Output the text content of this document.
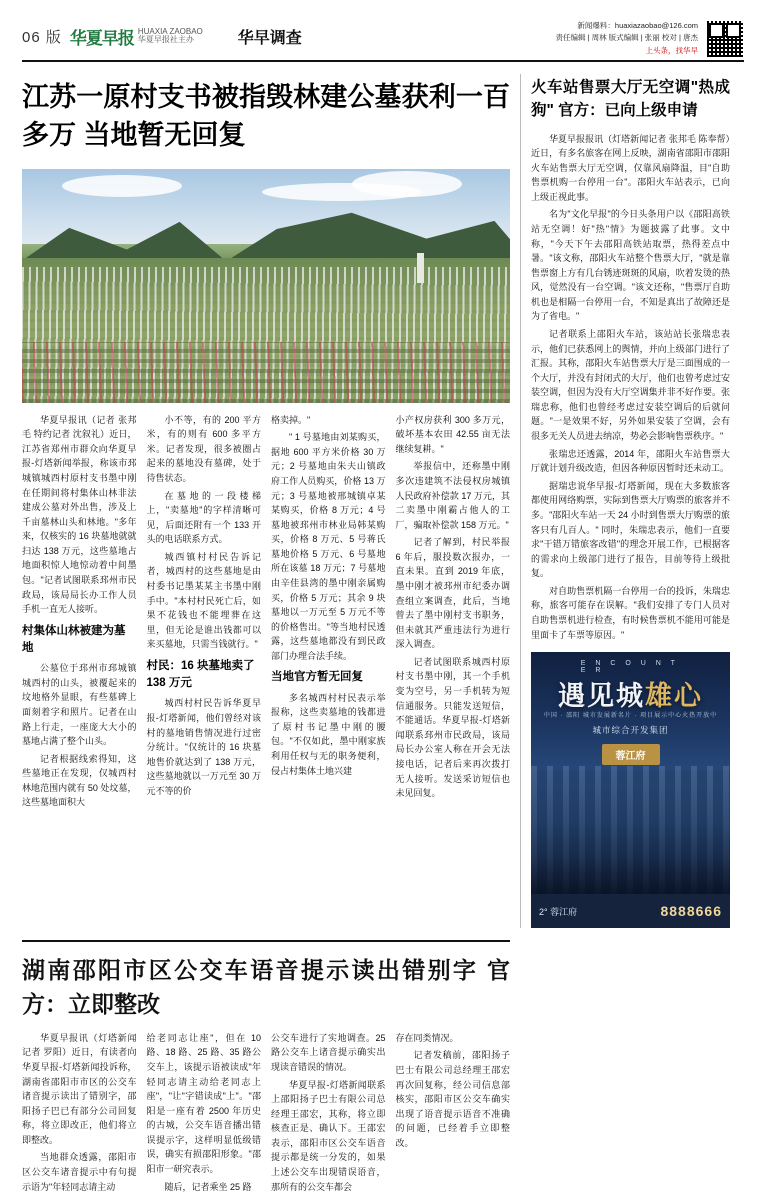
06 版 华夏早报 HUAXIA ZAOBAO
华夏早报社主办	华早调查
新闻爆料：huaxiazaobao@126.com
责任编辑 | 周林 版式编辑 | 张丽 校对 | 唐杰
上头条，找华早
江苏一原村支书被指毁林建公墓获利一百多万 当地暂无回复

华夏早报讯（记者 张邦毛 特约记者 沈叙礼）近日，江苏省郑州市群众向华夏早报-灯塔新闻举报，称该市邳城镇城西村原村支书墨中刚在任期间将村集体山林非法建成公墓对外出售，涉及上千亩墓林山头和林地。"多年来，仅核实的 16 块墓地就就扫达 138 万元，这些墓地占地面积惊人地惊动着中间墨包。"记者试图联系邳州市民政局，该局局长办工作人员手机一直无人接听。

村集体山林被建为墓地

公墓位于邳州市邳城镇城西村的山头，被覆起来的坟地格外显眼，有些墓碑上面刻着字和照片。记者在山路上行走，一座庞大大小的墓地占满了整个山头。

记者根据线索得知，这些墓地正在发现，仅城西村林地范围内就有 50 处坟墓，这些墓地面积大

小不等，有的 200 平方米，有的则有 600 多平方米。记者发现，很多被圈占起来的墓地没有墓碑，处于待售状态。

在墓地的一段楼梯上，"卖墓地"的字样清晰可见，后面还附有一个 133 开头的电话联系方式。

城西镇村村民告诉记者，城西村的这些墓地是由村委书记墨某某主书墨中刚手中。"本村村民死亡后，如果不花钱也不能埋葬在这里，但无论是谁出钱都可以来买墓地，只需当钱就行。"

村民：16 块墓地卖了 138 万元

城西村村民告诉华夏早报-灯塔新闻，他们曾经对该村的墓地销售情况进行过密分统计。"仅统计的 16 块墓地售价就达到了 138 万元，这些墓地就以一万元至 30 万元不等的价

格卖掉。"

" 1 号墓地由刘某购买，据地 600 平方米价格 30 万元；2 号墓地由朱夫山镇政府工作人员购买，价格 13 万元；3 号墓地被邢城镇卓某某购买，价格 8 万元；4 号墓地被邳州市林业局韩某购买，价格 8 万元、5 号蒋氏墓地价格 5 万元、6 号墓地所在该墓 18 万元；7 号墓地由辛佳县湾的墨中刚亲属购买，价格 5 万元；其余 9 块墓地以一万元至 5 万元不等的价格售出。"等当地村民透露，这些墓地都没有到民政部门办理合法手续。

当地官方暂无回复

多名城西村村民表示举报称，这些卖墓地的钱都进了原村书记墨中刚的腰包。"不仅如此，墨中刚家族利用任权与无的职务便利，侵占村集体土地兴建

小产权房获利 300 多万元，破坏基本农田 42.55 亩无法继续复耕。"

举报信中，还称墨中刚多次违建筑不法侵权房城镇人民政府补偿款 17 万元，其二卖墨中刚霸占他人的工厂，骗取补偿款 158 万元。"

记者了解到，村民举报 6 年后，服投数次报办，一直未果。直到 2019 年底，墨中刚才被邳州市纪委办调查组立案调查，此后，当地曾去了墨中刚村支书职务，但未就其严重违法行为进行深入调查。

记者试图联系城西村原村支书墨中刚，其一个手机变为空号，另一手机转为短信通服务。只能发送短信，不能通话。华夏早报-灯塔新闻联系邳州市民政局，该局局长办公室人称在开会无法接电话，记者后来再次拨打无人接听。发送采访短信也未见回复。

火车站售票大厅无空调"热成狗" 官方：已向上级申请

华夏早报报讯（灯塔新闻记者 张邦毛 陈奉帮）近日，有多名旅客在网上反映，湖南省邵阳市邵阳火车站售票大厅无空调，仅靠风扇降温，目"自助售票机购一台停用一台"。邵阳火车站表示，已向上级正视此事。

名为"文化早报"的今日头条用户以《邵阳高铁站无空调！好"热"情》为题披露了此事。文中称，"今天下午去邵阳高铁站取票，热得差点中暑。"该文称，邵阳火车站整个售票大厅，"就是靠售票窗上方有几台锈迹斑斑的风扇，吹着发烫的热风，觉然没有一台空调。"该文还称，"售票厅自助机也是相隔一台停用一台，不知是真出了故障还是为了省电。"

记者联系上邵阳火车站，该站站长张瑞忠表示，他们已获悉网上的舆情，并向上级部门进行了汇报。其称，邵阳火车站售票大厅是三面围成的一个大厅，并没有封闭式的大厅，他们也曾考虑过安装空调，但因为没有大厅空调集并非不好作要。张瑞忠称，他们也曾经考虑过安装空调后的后就问题。"一是效果不好，另外如果安装了空调，会有很多无关人员进去纳凉，势必会影响售票秩序。"

张瑞忠还透露，2014 年，邵阳火车站售票大厅就计划升级改造，但因各种原因暂时还未动工。

据瑞忠说华早报-灯塔新闻，现在大多数旅客都使用网络购票，实际到售票大厅购票的旅客并不多。"邵阳火车站一天 24 小时到售票大厅购票的旅客只有几百人。" 同时，朱瑞忠表示，他们一直要求"干错万错旅客改错"的理念开展工作，已根据客的需求向上级部门进行了报告，目前等待上级批复。

对自助售票机隔一台停用一台的投诉，朱瑞忠称，旅客可能存在误解。"我们安排了专门人员对自助售票机进行检查，有时候售票机不能用可能是里面卡了车票等原因。"

E N C O U N T E R
遇见城雄心
中国 · 邵阳 城市发展新名片 · 项目展示中心火热开放中
城市综合开发集团
蓉江府
2° 蓉江府	8888666
湖南邵阳市区公交车语音提示读出错别字 官方：立即整改

华夏早报讯（灯塔新闻记者 罗阳）近日，有读者向华夏早报-灯塔新闻投诉称，湖南省邵阳市市区的公交车诸音提示读出了错别字，邵阳扬子巴已有部分公司回复称，将立即改正，他们将立即整改。

当地群众透露，邵阳市区公交车诸音提示中有句提示语为"年轻同志请主动

给老同志让座"，但在 10 路、18 路、25 路、35 路公交车上，该提示语被读成"年轻同志请主动给老同志上座"，"让"字错读成"上"。"邵阳是一座有着 2500 年历史的古城，公交车语音播出错误提示字，这样明显低级错误，确实有损邵阳形象。"邵阳市一研究表示。

随后，记者乘坐 25 路

公交车进行了实地调查。25 路公交车上诸音提示确实出现读音错误的情况。

华夏早报-灯塔新闻联系上邵阳扬子巴士有限公司总经理王邵宏，其称，将立即核查正是、确认下。王邵宏表示，邵阳市区公交车语音提示都是统一分发的，如果上述公交车出现错误语音，那所有的公交车都会

存在同类情况。

记者发稿前，邵阳扬子巴士有限公司总经理王邵宏再次回复称，经公司信息部核实，邵阳市区公交车确实出现了语音提示语音不准确的问题，已经着手立即整改。
